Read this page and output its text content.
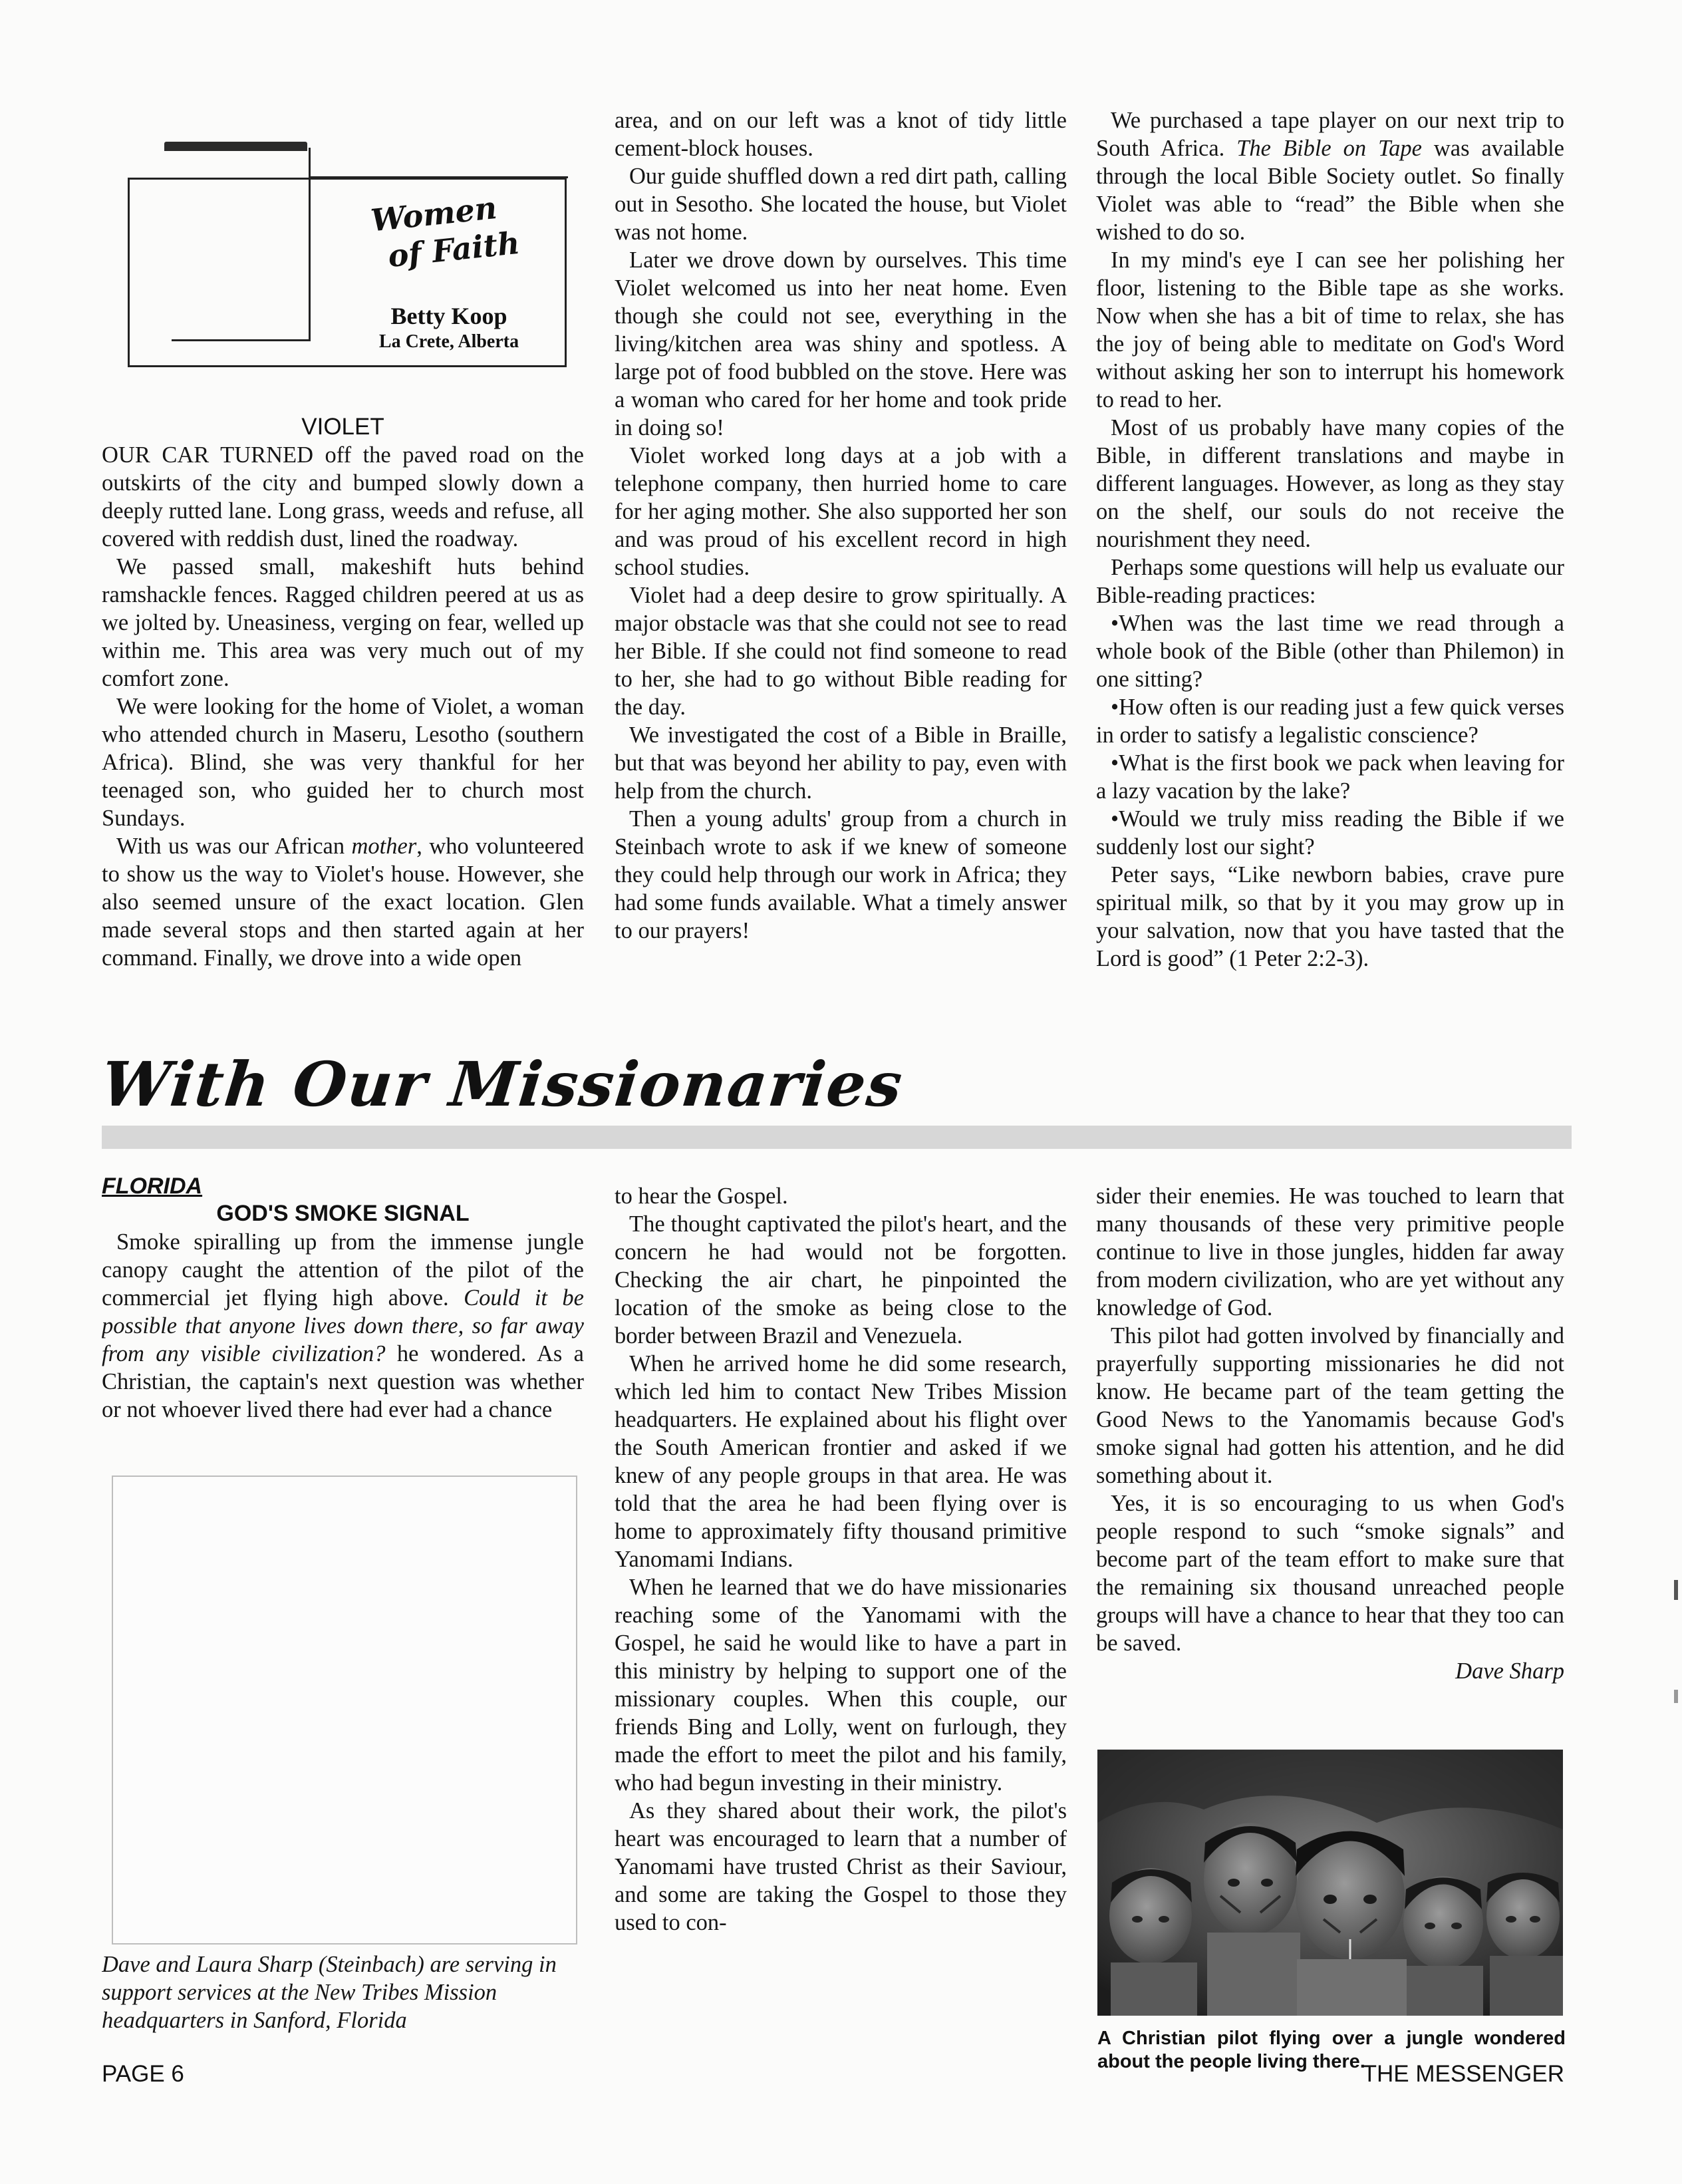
Women
of Faith
Betty Koop
La Crete, Alberta
VIOLET

OUR CAR TURNED off the paved road on the outskirts of the city and bumped slowly down a deeply rutted lane. Long grass, weeds and refuse, all covered with reddish dust, lined the roadway.

We passed small, makeshift huts behind ramshackle fences. Ragged children peered at us as we jolted by. Uneasiness, verging on fear, welled up within me. This area was very much out of my comfort zone.

We were looking for the home of Violet, a woman who attended church in Maseru, Lesotho (southern Africa). Blind, she was very thankful for her teenaged son, who guided her to church most Sundays.

With us was our African mother, who volunteered to show us the way to Violet's house. However, she also seemed unsure of the exact location. Glen made several stops and then started again at her command. Finally, we drove into a wide open

area, and on our left was a knot of tidy little cement-block houses.

Our guide shuffled down a red dirt path, calling out in Sesotho. She located the house, but Violet was not home.

Later we drove down by ourselves. This time Violet welcomed us into her neat home. Even though she could not see, everything in the living/kitchen area was shiny and spotless. A large pot of food bubbled on the stove. Here was a woman who cared for her home and took pride in doing so!

Violet worked long days at a job with a telephone company, then hurried home to care for her aging mother. She also supported her son and was proud of his excellent record in high school studies.

Violet had a deep desire to grow spiritually. A major obstacle was that she could not see to read her Bible. If she could not find someone to read to her, she had to go without Bible reading for the day.

We investigated the cost of a Bible in Braille, but that was beyond her ability to pay, even with help from the church.

Then a young adults' group from a church in Steinbach wrote to ask if we knew of someone they could help through our work in Africa; they had some funds available. What a timely answer to our prayers!

We purchased a tape player on our next trip to South Africa. The Bible on Tape was available through the local Bible Society outlet. So finally Violet was able to “read” the Bible when she wished to do so.

In my mind's eye I can see her polishing her floor, listening to the Bible tape as she works. Now when she has a bit of time to relax, she has the joy of being able to meditate on God's Word without asking her son to interrupt his homework to read to her.

Most of us probably have many copies of the Bible, in different translations and maybe in different languages. However, as long as they stay on the shelf, our souls do not receive the nourishment they need.

Perhaps some questions will help us evaluate our Bible-reading practices:

•When was the last time we read through a whole book of the Bible (other than Philemon) in one sitting?

•How often is our reading just a few quick verses in order to satisfy a legalistic conscience?

•What is the first book we pack when leaving for a lazy vacation by the lake?

•Would we truly miss reading the Bible if we suddenly lost our sight?

Peter says, “Like newborn babies, crave pure spiritual milk, so that by it you may grow up in your salvation, now that you have tasted that the Lord is good” (1 Peter 2:2-3).

With Our Missionaries
FLORIDA
GOD'S SMOKE SIGNAL

Smoke spiralling up from the immense jungle canopy caught the attention of the pilot of the commercial jet flying high above. Could it be possible that anyone lives down there, so far away from any visible civilization? he wondered. As a Christian, the captain's next question was whether or not whoever lived there had ever had a chance

Dave and Laura Sharp (Steinbach) are serving in support services at the New Tribes Mission headquarters in Sanford, Florida

to hear the Gospel.

The thought captivated the pilot's heart, and the concern he had would not be forgotten. Checking the air chart, he pinpointed the location of the smoke as being close to the border between Brazil and Venezuela.

When he arrived home he did some research, which led him to contact New Tribes Mission headquarters. He explained about his flight over the South American frontier and asked if we knew of any people groups in that area. He was told that the area he had been flying over is home to approximately fifty thousand primitive Yanomami Indians.

When he learned that we do have missionaries reaching some of the Yanomami with the Gospel, he said he would like to have a part in this ministry by helping to support one of the missionary couples. When this couple, our friends Bing and Lolly, went on furlough, they made the effort to meet the pilot and his family, who had begun investing in their ministry.

As they shared about their work, the pilot's heart was encouraged to learn that a number of Yanomami have trusted Christ as their Saviour, and some are taking the Gospel to those they used to con-

sider their enemies. He was touched to learn that many thousands of these very primitive people continue to live in those jungles, hidden far away from modern civilization, who are yet without any knowledge of God.

This pilot had gotten involved by financially and prayerfully supporting missionaries he did not know. He became part of the team getting the Good News to the Yanomamis because God's smoke signal had gotten his attention, and he did something about it.

Yes, it is so encouraging to us when God's people respond to such “smoke signals” and become part of the team effort to make sure that the remaining six thousand unreached people groups will have a chance to hear that they too can be saved.

Dave Sharp

A Christian pilot flying over a jungle wondered about the people living there.
PAGE 6	THE MESSENGER
